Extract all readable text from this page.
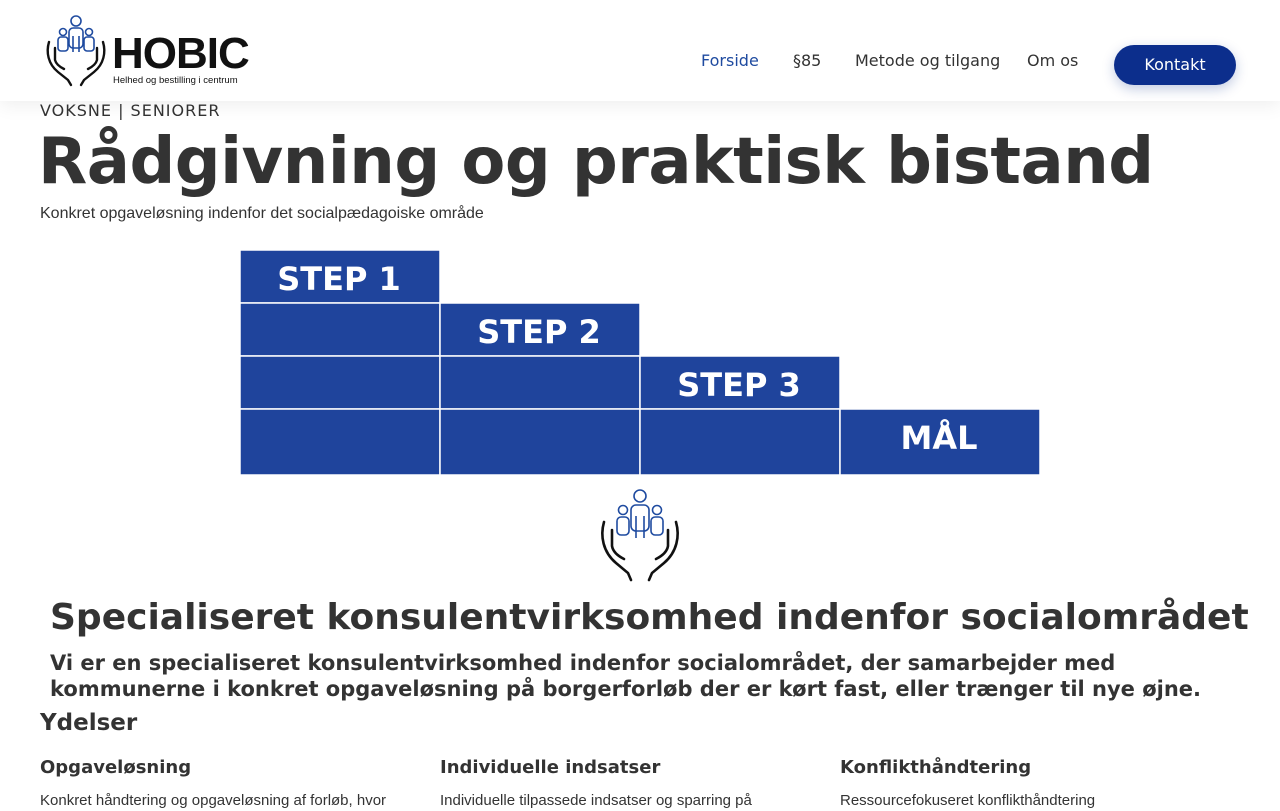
HOBIC
Helhed og bestilling i centrum
Forside §85 Metode og tilgang Om os	Kontakt
VOKSNE | SENIORER
Rådgivning og praktisk bistand
Konkret opgaveløsning indenfor det socialpædagoiske område
STEP 1
STEP 2
STEP 3
MÅL
Specialiseret konsulentvirksomhed indenfor socialområdet

Vi er en specialiseret konsulentvirksomhed indenfor socialområdet, der samarbejder med kommunerne i konkret opgaveløsning på borgerforløb der er kørt fast, eller trænger til nye øjne.

Ydelser
Opgaveløsning
Konkret håndtering og opgaveløsning af forløb, hvor
Individuelle indsatser
Individuelle tilpassede indsatser og sparring på
Konflikthåndtering
Ressourcefokuseret konflikthåndtering
